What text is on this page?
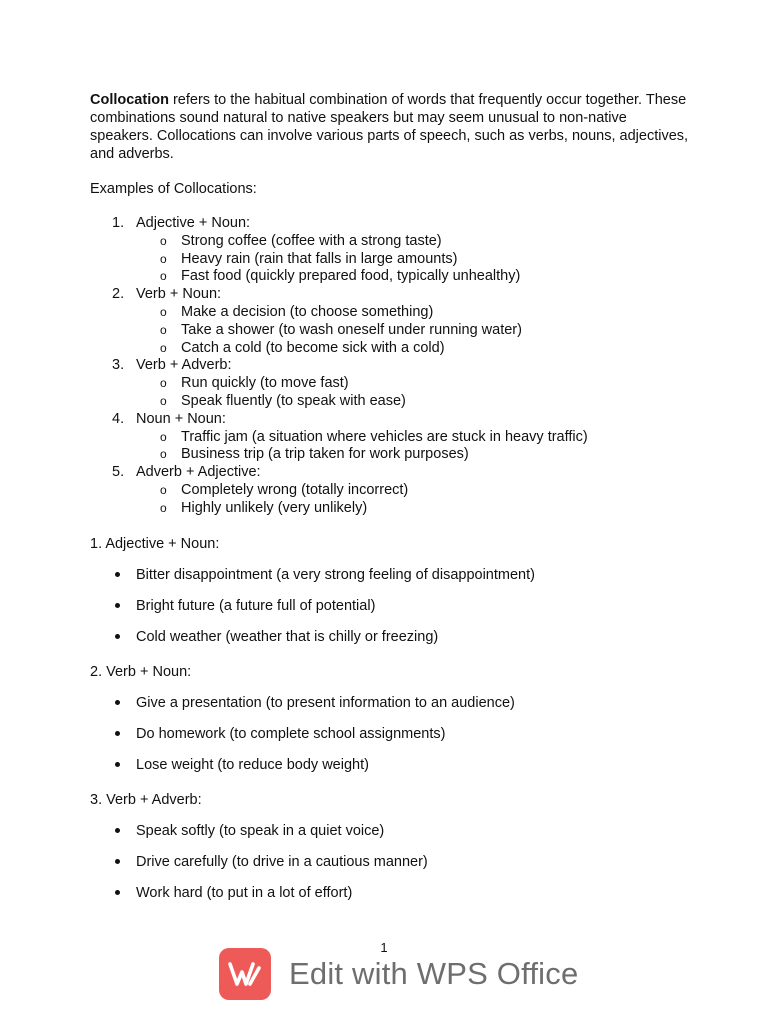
Collocation refers to the habitual combination of words that frequently occur together. These combinations sound natural to native speakers but may seem unusual to non-native speakers. Collocations can involve various parts of speech, such as verbs, nouns, adjectives, and adverbs.

Examples of Collocations:
1. Adjective + Noun:
o Strong coffee (coffee with a strong taste)
o Heavy rain (rain that falls in large amounts)
o Fast food (quickly prepared food, typically unhealthy)
2. Verb + Noun:
o Make a decision (to choose something)
o Take a shower (to wash oneself under running water)
o Catch a cold (to become sick with a cold)
3. Verb + Adverb:
o Run quickly (to move fast)
o Speak fluently (to speak with ease)
4. Noun + Noun:
o Traffic jam (a situation where vehicles are stuck in heavy traffic)
o Business trip (a trip taken for work purposes)
5. Adverb + Adjective:
o Completely wrong (totally incorrect)
o Highly unlikely (very unlikely)
1. Adjective + Noun:
Bitter disappointment (a very strong feeling of disappointment)
Bright future (a future full of potential)
Cold weather (weather that is chilly or freezing)
2. Verb + Noun:
Give a presentation (to present information to an audience)
Do homework (to complete school assignments)
Lose weight (to reduce body weight)
3. Verb + Adverb:
Speak softly (to speak in a quiet voice)
Drive carefully (to drive in a cautious manner)
Work hard (to put in a lot of effort)
1
Edit with WPS Office
